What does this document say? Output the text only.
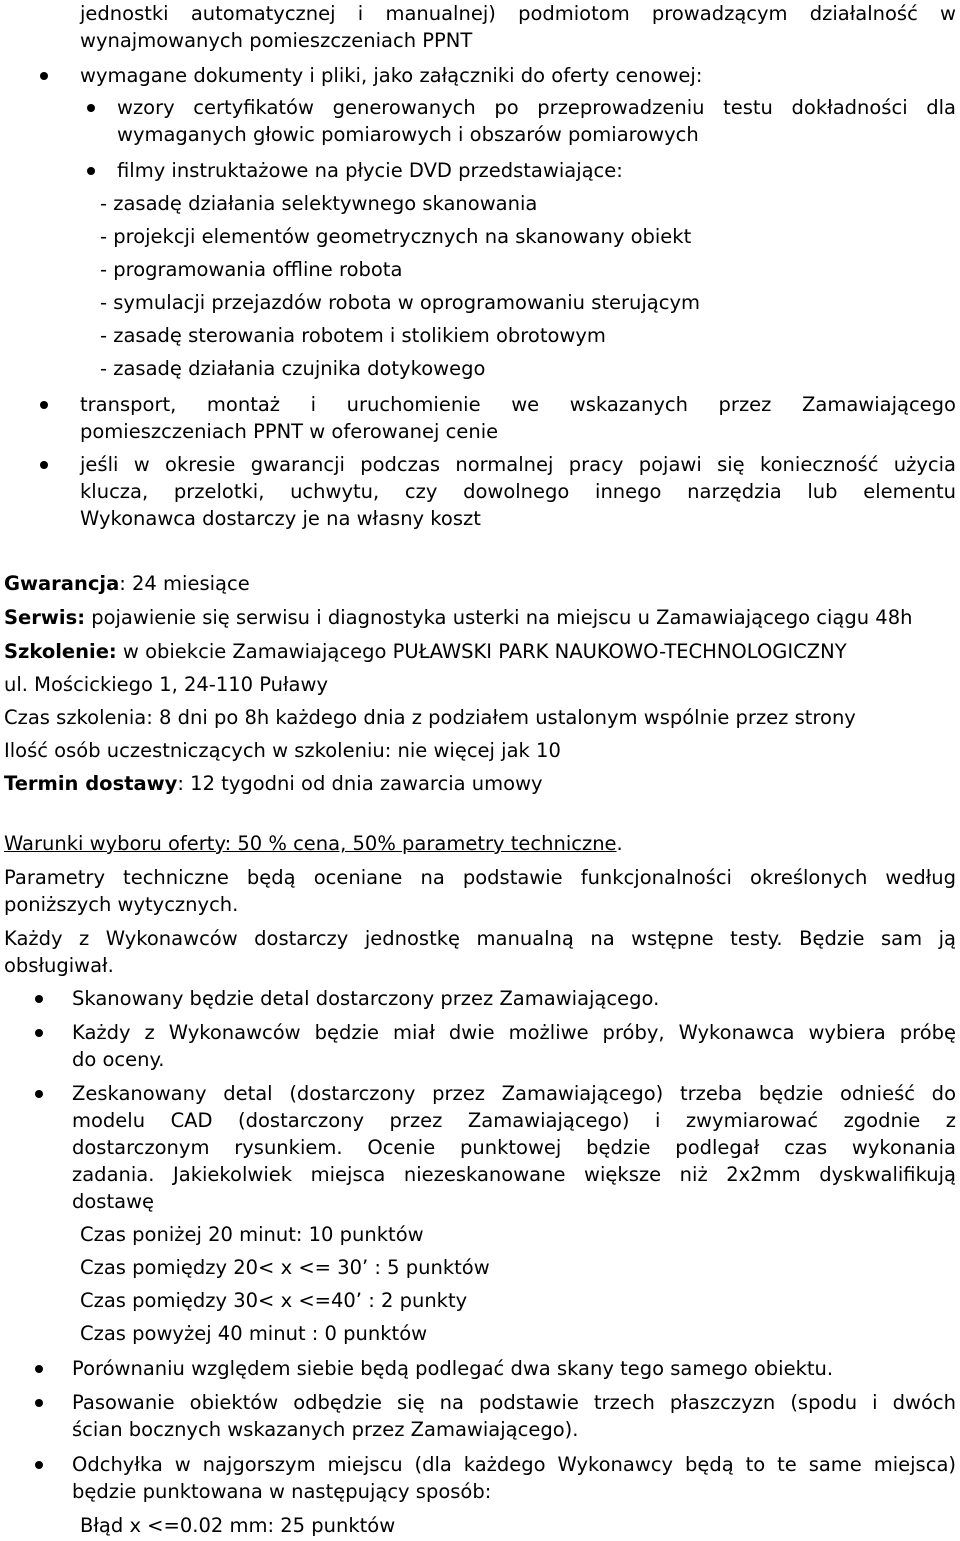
jednostki automatycznej i manualnej) podmiotom prowadzącym działalność w

wynajmowanych pomieszczeniach PPNT

wymagane dokumenty i pliki, jako załączniki do oferty cenowej:

wzory certyfikatów generowanych po przeprowadzeniu testu dokładności dla

wymaganych głowic pomiarowych i obszarów pomiarowych

filmy instruktażowe na płycie DVD przedstawiające:

- zasadę działania selektywnego skanowania

- projekcji elementów geometrycznych na skanowany obiekt

- programowania offline robota

- symulacji przejazdów robota w oprogramowaniu sterującym

- zasadę sterowania robotem i stolikiem obrotowym

- zasadę działania czujnika dotykowego

transport, montaż i uruchomienie we wskazanych przez Zamawiającego

pomieszczeniach PPNT w oferowanej cenie

jeśli w okresie gwarancji podczas normalnej pracy pojawi się konieczność użycia

klucza, przelotki, uchwytu, czy dowolnego innego narzędzia lub elementu

Wykonawca dostarczy je na własny koszt

Gwarancja: 24 miesiące

Serwis: pojawienie się serwisu i diagnostyka usterki na miejscu u Zamawiającego ciągu 48h

Szkolenie: w obiekcie Zamawiającego PUŁAWSKI PARK NAUKOWO-TECHNOLOGICZNY

ul. Mościckiego 1, 24-110 Puławy

Czas szkolenia: 8 dni po 8h każdego dnia z podziałem ustalonym wspólnie przez strony

Ilość osób uczestniczących w szkoleniu: nie więcej jak 10

Termin dostawy: 12 tygodni od dnia zawarcia umowy

Warunki wyboru oferty: 50 % cena, 50% parametry techniczne.

Parametry techniczne będą oceniane na podstawie funkcjonalności określonych według

poniższych wytycznych.

Każdy z Wykonawców dostarczy jednostkę manualną na wstępne testy. Będzie sam ją

obsługiwał.

Skanowany będzie detal dostarczony przez Zamawiającego.

Każdy z Wykonawców będzie miał dwie możliwe próby, Wykonawca wybiera próbę

do oceny.

Zeskanowany detal (dostarczony przez Zamawiającego) trzeba będzie odnieść do

modelu CAD (dostarczony przez Zamawiającego) i zwymiarować zgodnie z

dostarczonym rysunkiem. Ocenie punktowej będzie podlegał czas wykonania

zadania. Jakiekolwiek miejsca niezeskanowane większe niż 2x2mm dyskwalifikują

dostawę

Czas poniżej 20 minut: 10 punktów

Czas pomiędzy 20< x <= 30’ : 5 punktów

Czas pomiędzy 30< x <=40’ : 2 punkty

Czas powyżej 40 minut : 0 punktów

Porównaniu względem siebie będą podlegać dwa skany tego samego obiektu.

Pasowanie obiektów odbędzie się na podstawie trzech płaszczyzn (spodu i dwóch

ścian bocznych wskazanych przez Zamawiającego).

Odchyłka w najgorszym miejscu (dla każdego Wykonawcy będą to te same miejsca)

będzie punktowana w następujący sposób:

Błąd x <=0.02 mm: 25 punktów
